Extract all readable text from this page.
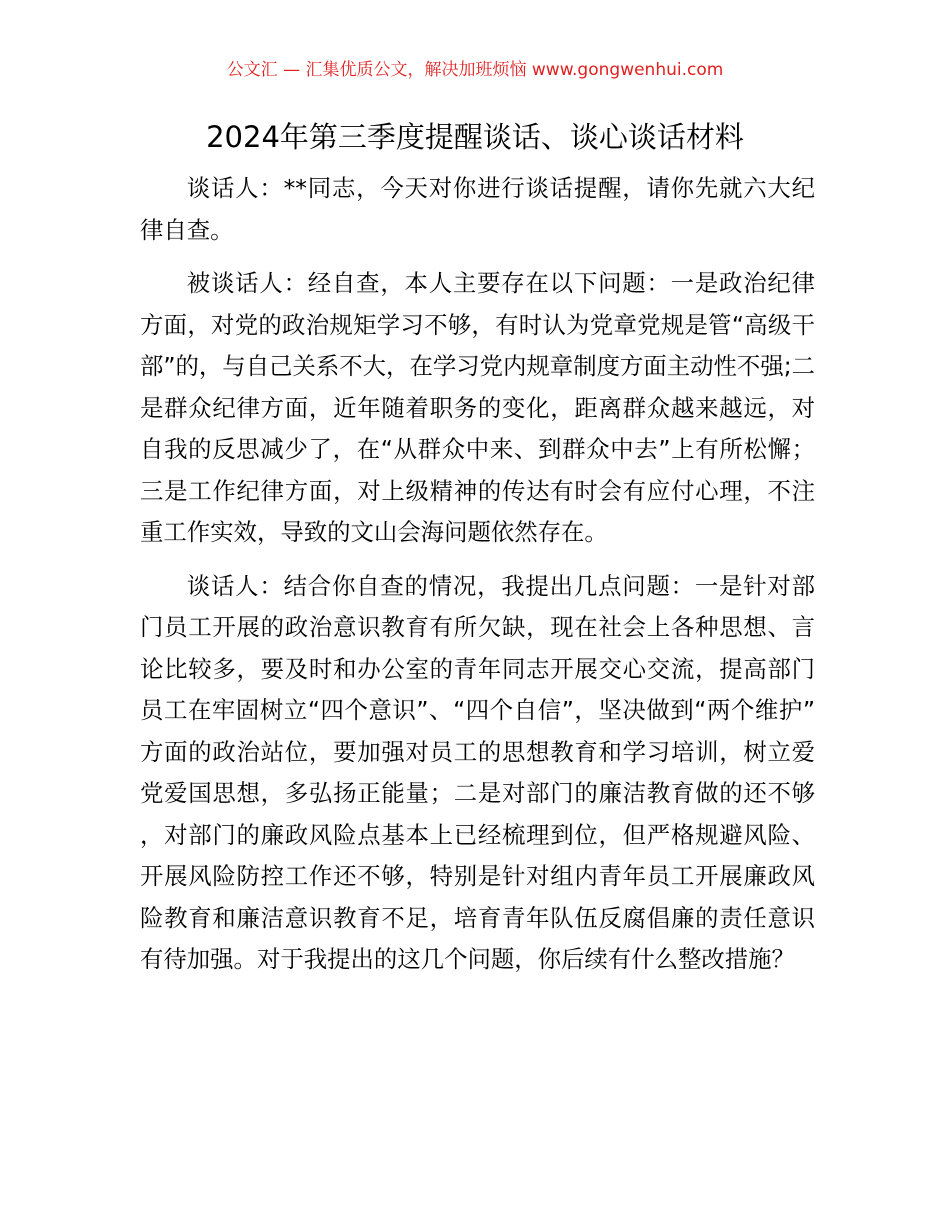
公文汇 — 汇集优质公文，解决加班烦恼 www.gongwenhui.com
2024年第三季度提醒谈话、谈心谈话材料

谈话人：**同志，今天对你进行谈话提醒，请你先就六大纪律自查。

被谈话人：经自查，本人主要存在以下问题：一是政治纪律方面，对党的政治规矩学习不够，有时认为党章党规是管“高级干部”的，与自己关系不大，在学习党内规章制度方面主动性不强;二是群众纪律方面，近年随着职务的变化，距离群众越来越远，对自我的反思减少了，在“从群众中来、到群众中去”上有所松懈；三是工作纪律方面，对上级精神的传达有时会有应付心理，不注重工作实效，导致的文山会海问题依然存在。

谈话人：结合你自查的情况，我提出几点问题：一是针对部门员工开展的政治意识教育有所欠缺，现在社会上各种思想、言论比较多，要及时和办公室的青年同志开展交心交流，提高部门员工在牢固树立“四个意识”、“四个自信”，坚决做到“两个维护”方面的政治站位，要加强对员工的思想教育和学习培训，树立爱党爱国思想，多弘扬正能量；二是对部门的廉洁教育做的还不够，对部门的廉政风险点基本上已经梳理到位，但严格规避风险、开展风险防控工作还不够，特别是针对组内青年员工开展廉政风险教育和廉洁意识教育不足，培育青年队伍反腐倡廉的责任意识有待加强。对于我提出的这几个问题，你后续有什么整改措施？
